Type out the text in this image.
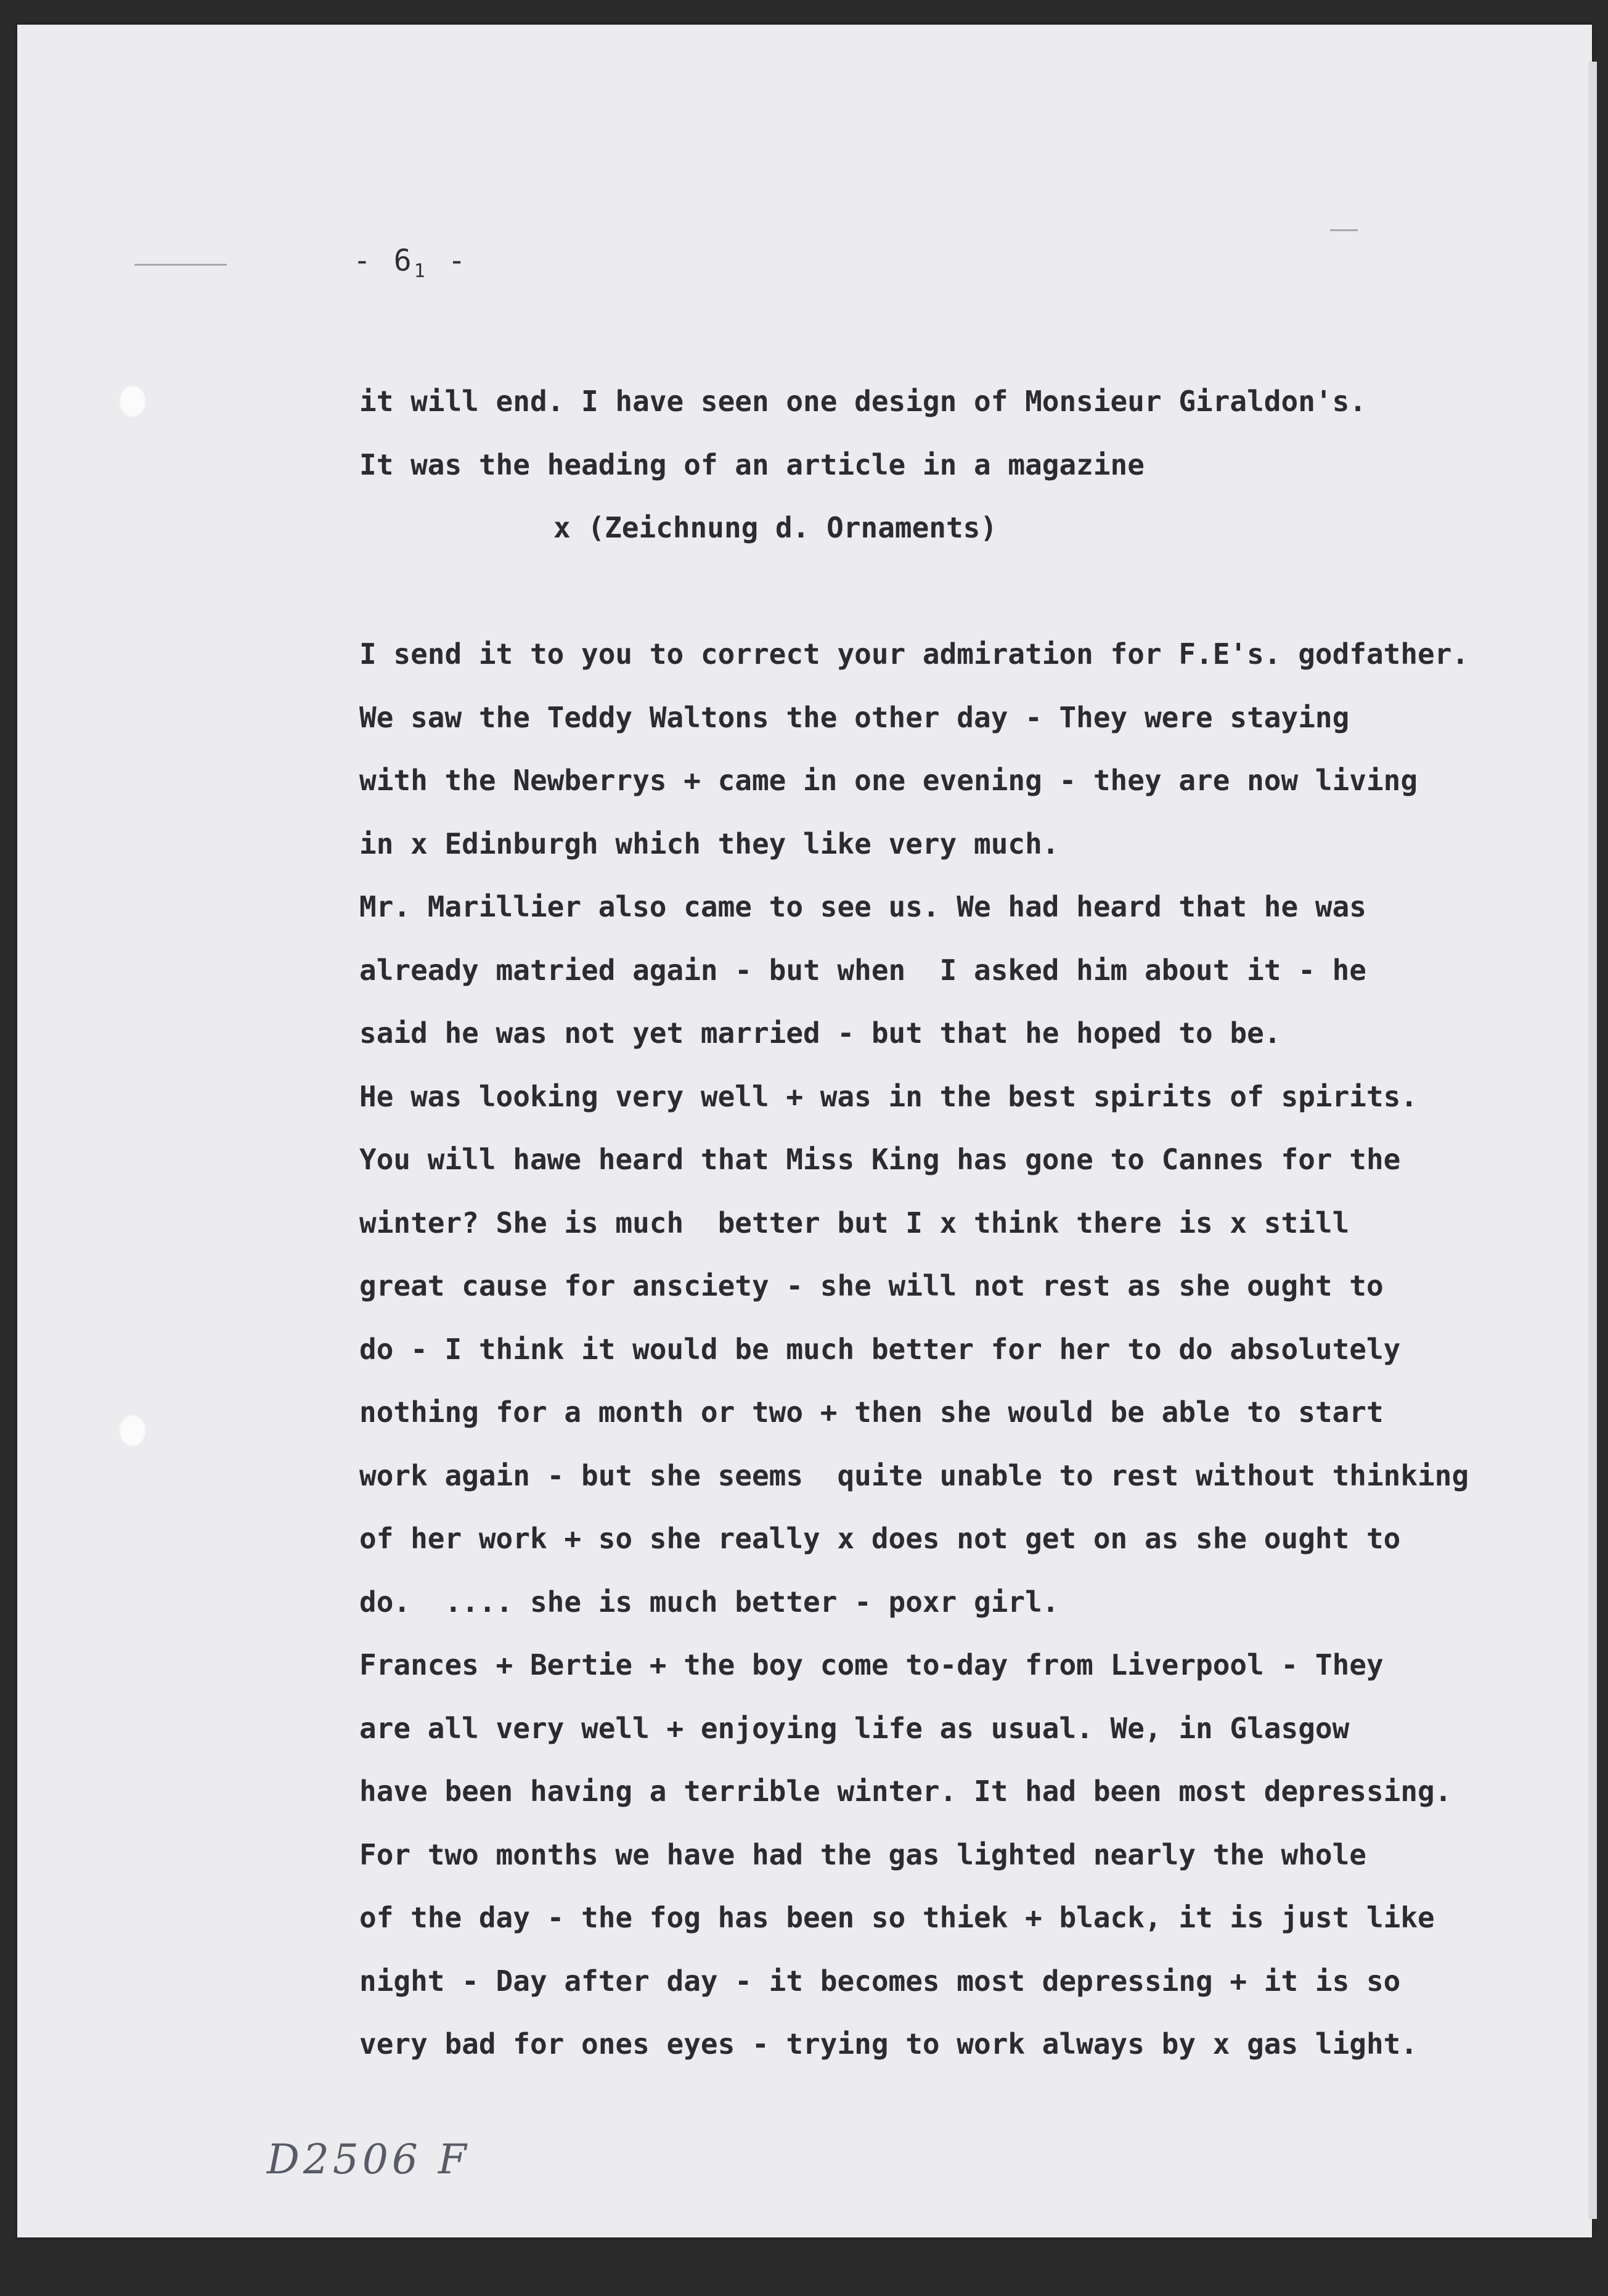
- $6_1$ -
it will end. I have seen one design of Monsieur Giraldon's.
It was the heading of an article in a magazine
x (Zeichnung d. Ornaments)
I send it to you to correct your admiration for F.E's. godfather.
We saw the Teddy Waltons the other day - They were staying
with the Newberrys + came in one evening - they are now living
in x Edinburgh which they like very much.
Mr. Marillier also came to see us. We had heard that he was
already matried again - but when  I asked him about it - he
said he was not yet married - but that he hoped to be.
He was looking very well + was in the best spirits of spirits.
You will hawe heard that Miss King has gone to Cannes for the
winter? She is much  better but I x think there is x still
great cause for ansciety - she will not rest as she ought to
do - I think it would be much better for her to do absolutely
nothing for a month or two + then she would be able to start
work again - but she seems  quite unable to rest without thinking
of her work + so she really x does not get on as she ought to
do.  .... she is much better - poxr girl.
Frances + Bertie + the boy come to-day from Liverpool - They
are all very well + enjoying life as usual. We, in Glasgow
have been having a terrible winter. It had been most depressing.
For two months we have had the gas lighted nearly the whole
of the day - the fog has been so thiek + black, it is just like
night - Day after day - it becomes most depressing + it is so
very bad for ones eyes - trying to work always by x gas light.
D2506 F
